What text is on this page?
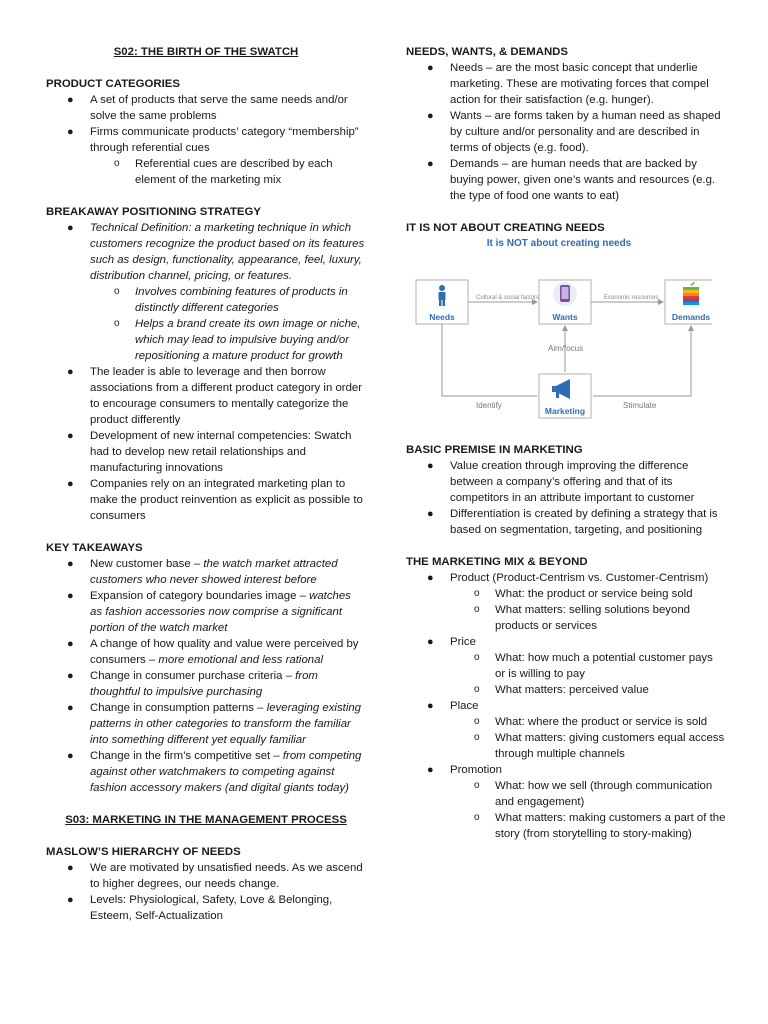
S02: THE BIRTH OF THE SWATCH
PRODUCT CATEGORIES
● A set of products that serve the same needs and/or solve the same problems
● Firms communicate products’ category “membership” through referential cues
o Referential cues are described by each element of the marketing mix
BREAKAWAY POSITIONING STRATEGY
● Technical Definition: a marketing technique in which customers recognize the product based on its features such as design, functionality, appearance, feel, luxury, distribution channel, pricing, or features.
o Involves combining features of products in distinctly different categories
o Helps a brand create its own image or niche, which may lead to impulsive buying and/or repositioning a mature product for growth
● The leader is able to leverage and then borrow associations from a different product category in order to encourage consumers to mentally categorize the product differently
● Development of new internal competencies: Swatch had to develop new retail relationships and manufacturing innovations
● Companies rely on an integrated marketing plan to make the product reinvention as explicit as possible to consumers
KEY TAKEAWAYS
● New customer base – the watch market attracted customers who never showed interest before
● Expansion of category boundaries image – watches as fashion accessories now comprise a significant portion of the watch market
● A change of how quality and value were perceived by consumers – more emotional and less rational
● Change in consumer purchase criteria – from thoughtful to impulsive purchasing
● Change in consumption patterns – leveraging existing patterns in other categories to transform the familiar into something different yet equally familiar
● Change in the firm’s competitive set – from competing against other watchmakers to competing against fashion accessory makers (and digital giants today)
S03: MARKETING IN THE MANAGEMENT PROCESS
MASLOW’S HIERARCHY OF NEEDS
● We are motivated by unsatisfied needs. As we ascend to higher degrees, our needs change.
● Levels: Physiological, Safety, Love & Belonging, Esteem, Self-Actualization
NEEDS, WANTS, & DEMANDS
● Needs – are the most basic concept that underlie marketing. These are motivating forces that compel action for their satisfaction (e.g. hunger).
● Wants – are forms taken by a human need as shaped by culture and/or personality and are described in terms of objects (e.g. food).
● Demands – are human needs that are backed by buying power, given one’s wants and resources (e.g. the type of food one wants to eat)
IT IS NOT ABOUT CREATING NEEDS
It is NOT about creating needs
Needs	Wants	Demands
Marketing
Cultural & social factors	Economic resources
Aim/focus
Identify	Stimulate
BASIC PREMISE IN MARKETING
● Value creation through improving the difference between a company’s offering and that of its competitors in an attribute important to customer
● Differentiation is created by defining a strategy that is based on segmentation, targeting, and positioning
THE MARKETING MIX & BEYOND
● Product (Product-Centrism vs. Customer-Centrism)
o What: the product or service being sold
o What matters: selling solutions beyond products or services
● Price
o What: how much a potential customer pays or is willing to pay
o What matters: perceived value
● Place
o What: where the product or service is sold
o What matters: giving customers equal access through multiple channels
● Promotion
o What: how we sell (through communication and engagement)
o What matters: making customers a part of the story (from storytelling to story-making)
